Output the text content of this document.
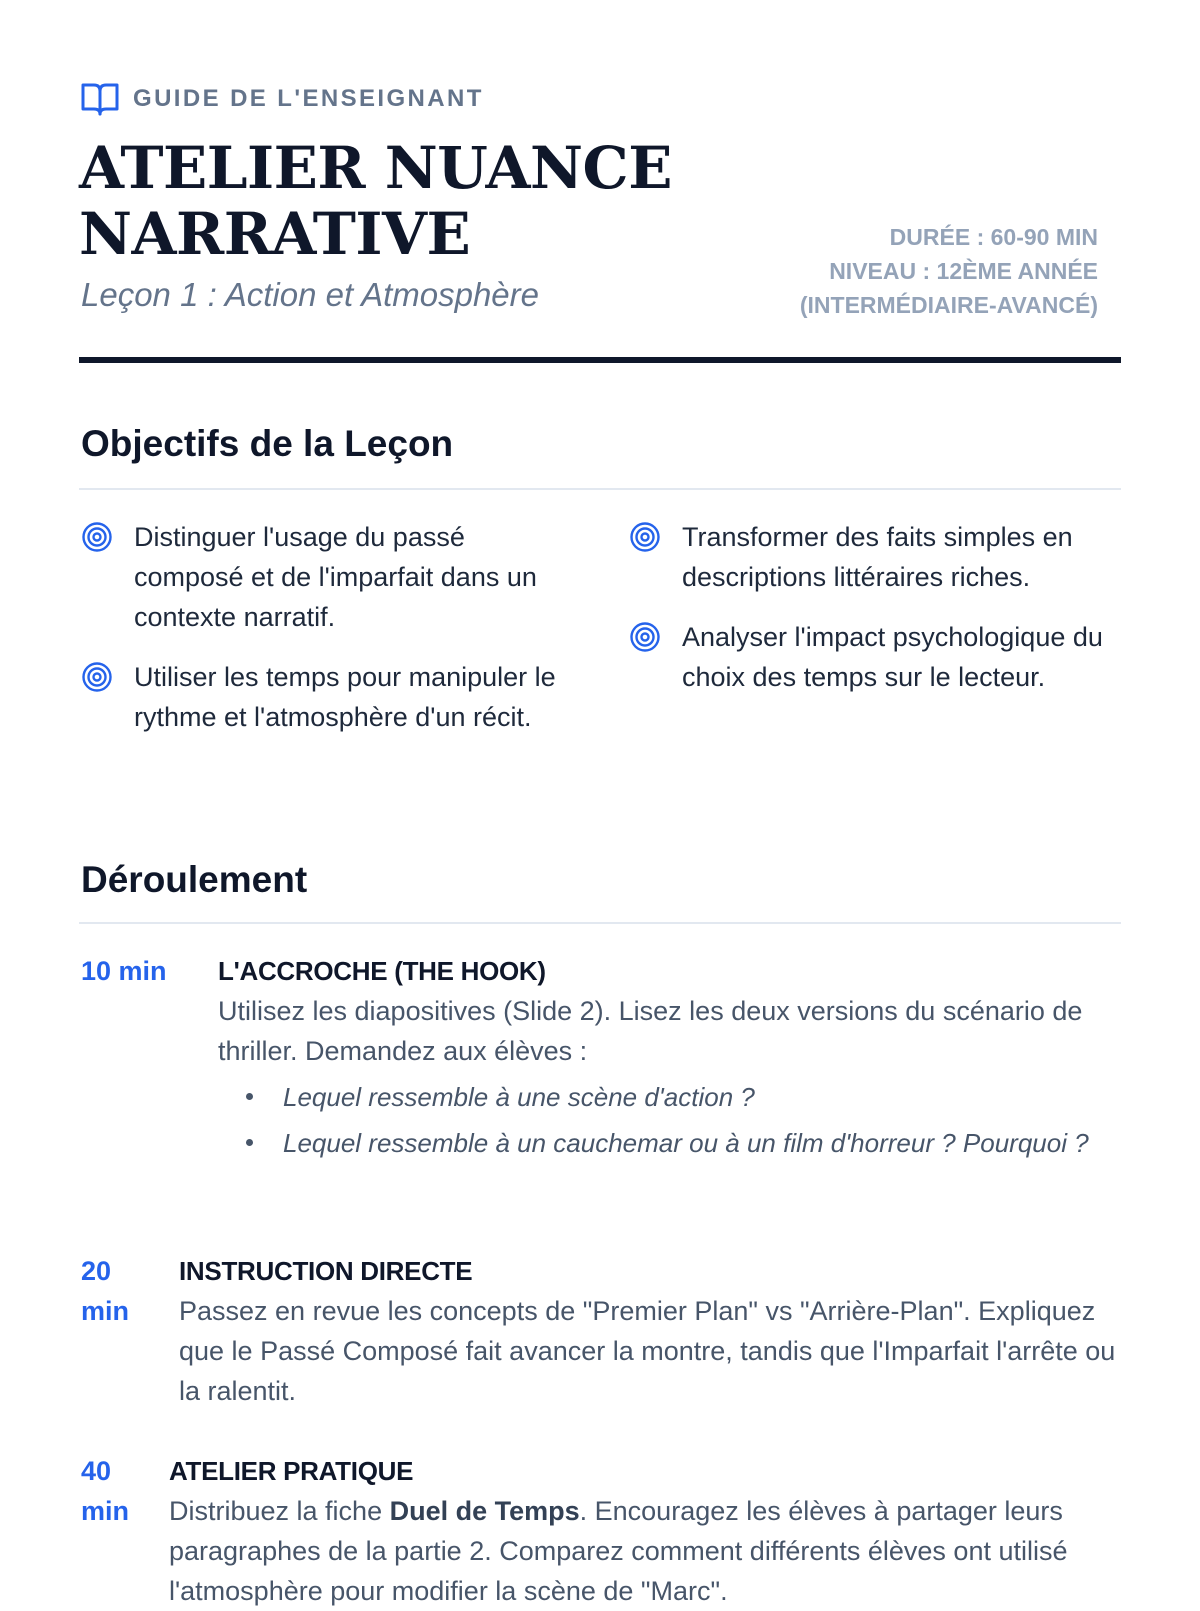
GUIDE DE L'ENSEIGNANT
ATELIER NUANCE
NARRATIVE
Leçon 1 : Action et Atmosphère
DURÉE : 60-90 MIN
NIVEAU : 12ÈME ANNÉE
(INTERMÉDIAIRE-AVANCÉ)
Objectifs de la Leçon
Distinguer l'usage du passé composé et de l'imparfait dans un contexte narratif.
Utiliser les temps pour manipuler le rythme et l'atmosphère d'un récit.
Transformer des faits simples en descriptions littéraires riches.
Analyser l'impact psychologique du choix des temps sur le lecteur.
Déroulement
10 min L'ACCROCHE (THE HOOK)
Utilisez les diapositives (Slide 2). Lisez les deux versions du scénario de thriller. Demandez aux élèves :
Lequel ressemble à une scène d'action ?
Lequel ressemble à un cauchemar ou à un film d'horreur ? Pourquoi ?
20 min
INSTRUCTION DIRECTE
Passez en revue les concepts de "Premier Plan" vs "Arrière-Plan". Expliquez que le Passé Composé fait avancer la montre, tandis que l'Imparfait l'arrête ou la ralentit.
40 min
ATELIER PRATIQUE
Distribuez la fiche Duel de Temps. Encouragez les élèves à partager leurs paragraphes de la partie 2. Comparez comment différents élèves ont utilisé l'atmosphère pour modifier la scène de "Marc".
